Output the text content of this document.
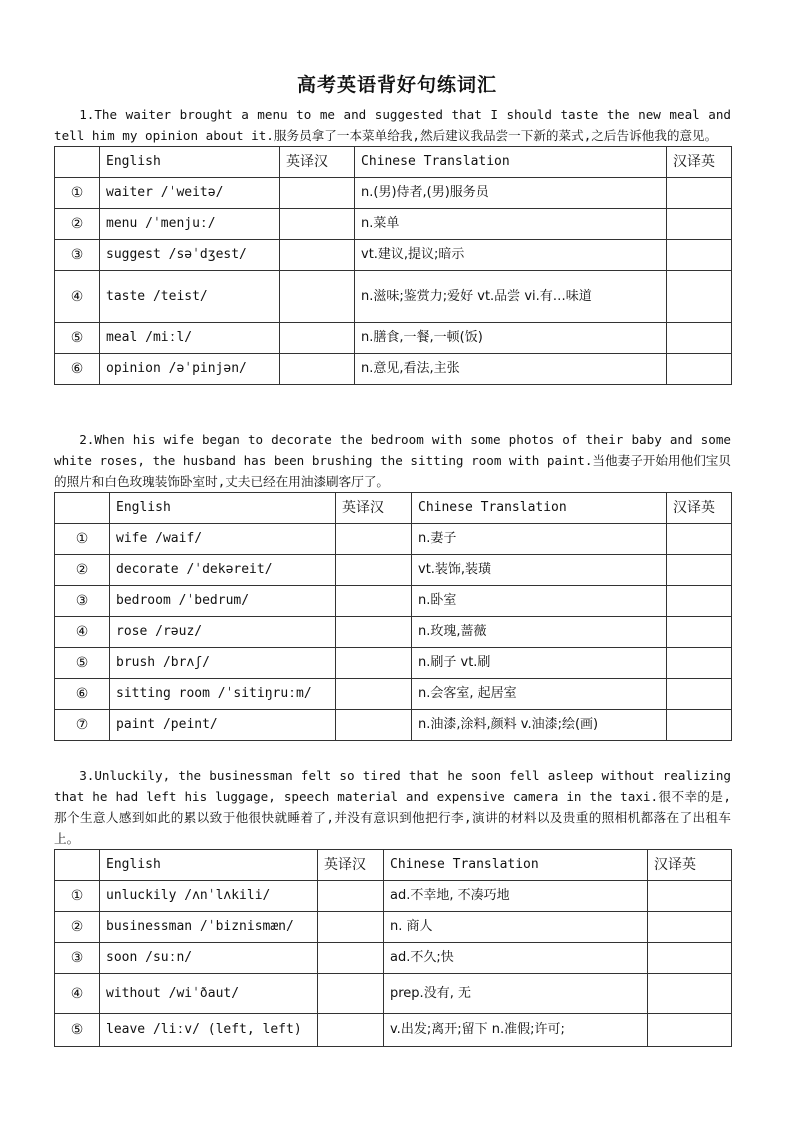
高考英语背好句练词汇

1.The waiter brought a menu to me and suggested that I should taste the new meal and tell him my opinion about it.服务员拿了一本菜单给我,然后建议我品尝一下新的菜式,之后告诉他我的意见。

	English	英译汉	Chinese Translation	汉译英
①	waiter /ˈweitə/		n.(男)侍者,(男)服务员	
②	menu /ˈmenjuː/		n.菜单	
③	suggest /səˈdʒest/		vt.建议,提议;暗示	
④	taste /teist/		n.滋味;鉴赏力;爱好 vt.品尝 vi.有…味道	
⑤	meal /miːl/		n.膳食,一餐,一顿(饭)	
⑥	opinion /əˈpinjən/		n.意见,看法,主张	

2.When his wife began to decorate the bedroom with some photos of their baby and some white roses, the husband has been brushing the sitting room with paint.当他妻子开始用他们宝贝的照片和白色玫瑰装饰卧室时,丈夫已经在用油漆刷客厅了。

	English	英译汉	Chinese Translation	汉译英
①	wife /waif/		n.妻子	
②	decorate /ˈdekəreit/		vt.装饰,装璜	
③	bedroom /ˈbedrum/		n.卧室	
④	rose /rəuz/		n.玫瑰,蔷薇	
⑤	brush /brʌʃ/		n.刷子 vt.刷	
⑥	sitting room /ˈsitiŋruːm/		n.会客室, 起居室	
⑦	paint /peint/		n.油漆,涂料,颜料 v.油漆;绘(画)	

3.Unluckily, the businessman felt so tired that he soon fell asleep without realizing that he had left his luggage, speech material and expensive camera in the taxi.很不幸的是,那个生意人感到如此的累以致于他很快就睡着了,并没有意识到他把行李,演讲的材料以及贵重的照相机都落在了出租车上。

	English	英译汉	Chinese Translation	汉译英
①	unluckily /ʌnˈlʌkili/		ad.不幸地, 不凑巧地	
②	businessman /ˈbiznismæn/		n. 商人	
③	soon /suːn/		ad.不久;快	
④	without /wiˈðaut/		prep.没有, 无	
⑤	leave /liːv/ (left, left)		v.出发;离开;留下 n.准假;许可;	
